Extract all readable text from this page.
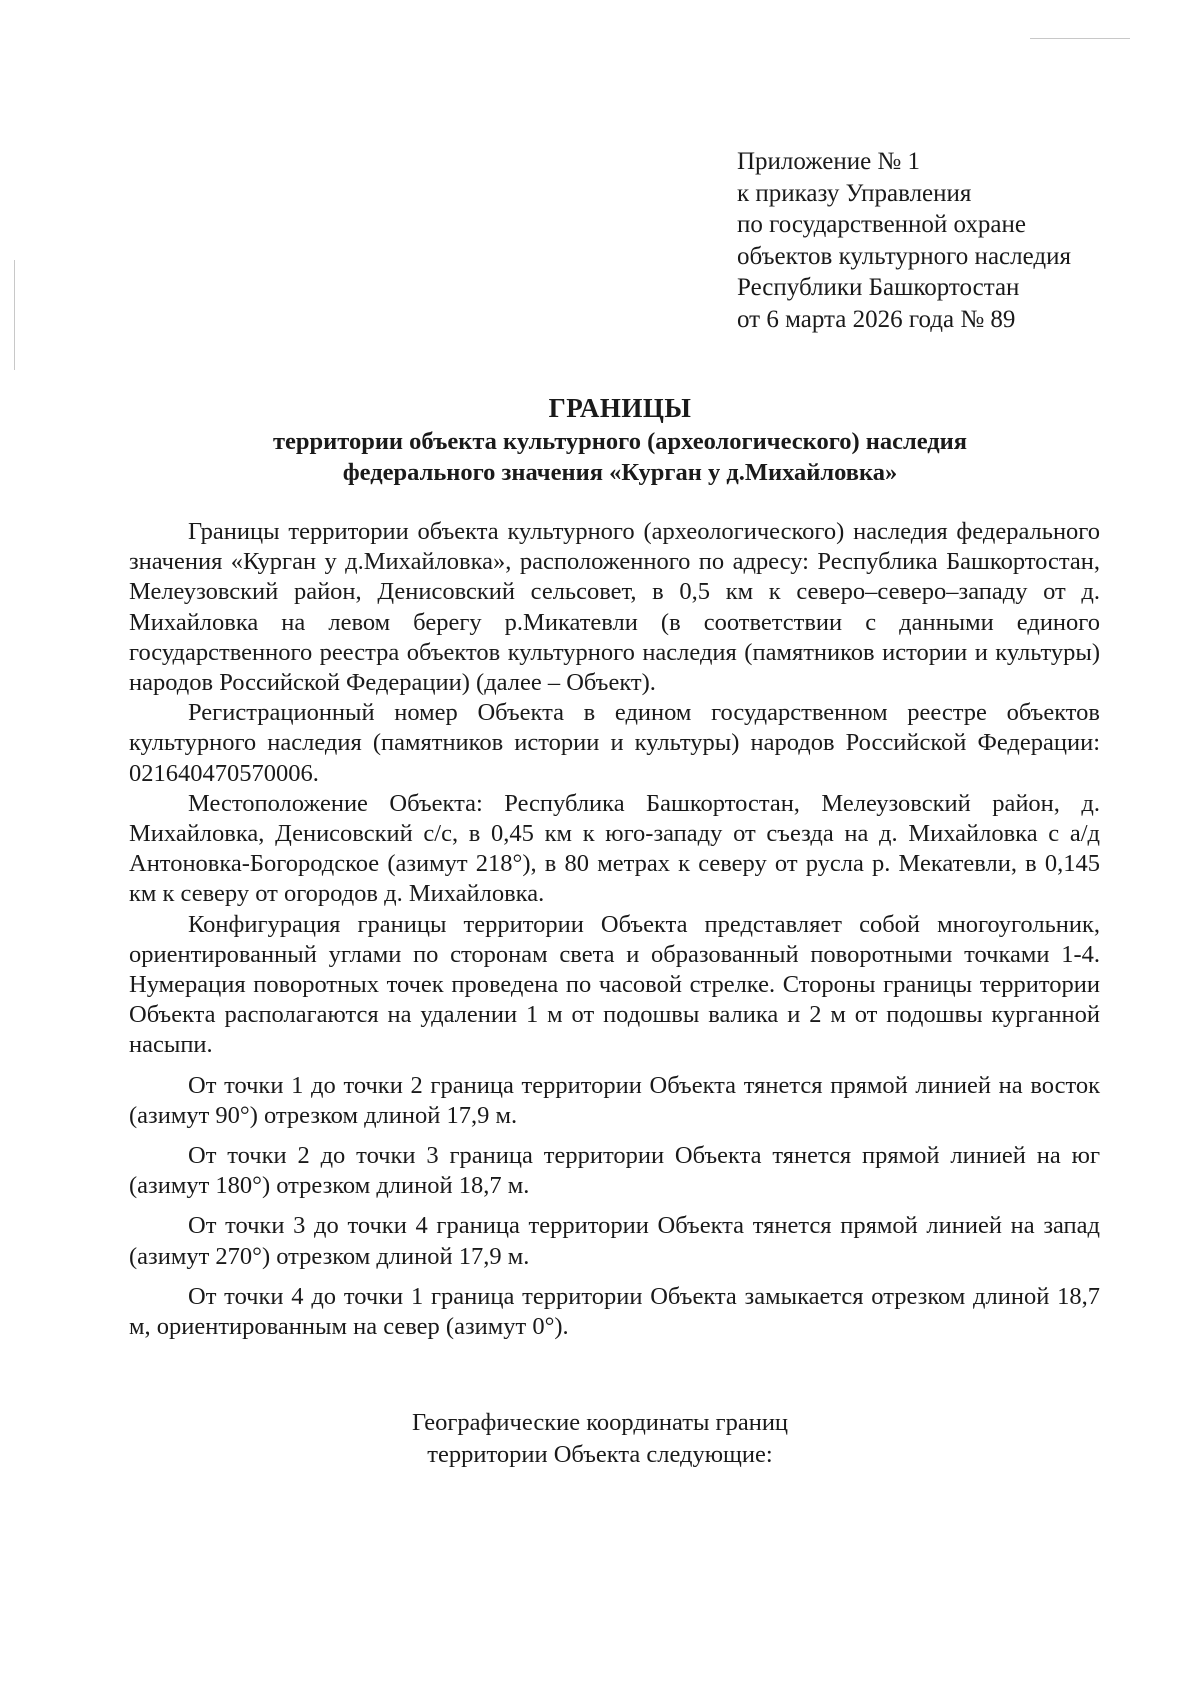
Приложение № 1
к приказу Управления
по государственной охране
объектов культурного наследия
Республики Башкортостан
от 6 марта 2026 года № 89
ГРАНИЦЫ
территории объекта культурного (археологического) наследия
федерального значения «Курган у д.Михайловка»

Границы территории объекта культурного (археологического) наследия федерального значения «Курган у д.Михайловка», расположенного по адресу: Республика Башкортостан, Мелеузовский район, Денисовский сельсовет, в 0,5 км к северо–северо–западу от д. Михайловка на левом берегу р.Микатевли (в соответствии с данными единого государственного реестра объектов культурного наследия (памятников истории и культуры) народов Российской Федерации) (далее – Объект).

Регистрационный номер Объекта в едином государственном реестре объектов культурного наследия (памятников истории и культуры) народов Российской Федерации: 021640470570006.

Местоположение Объекта: Республика Башкортостан, Мелеузовский район, д. Михайловка, Денисовский с/с, в 0,45 км к юго-западу от съезда на д. Михайловка с а/д Антоновка-Богородское (азимут 218°), в 80 метрах к северу от русла р. Мекатевли, в 0,145 км к северу от огородов д. Михайловка.

Конфигурация границы территории Объекта представляет собой многоугольник, ориентированный углами по сторонам света и образованный поворотными точками 1-4. Нумерация поворотных точек проведена по часовой стрелке. Стороны границы территории Объекта располагаются на удалении 1 м от подошвы валика и 2 м от подошвы курганной насыпи.

От точки 1 до точки 2 граница территории Объекта тянется прямой линией на восток (азимут 90°) отрезком длиной 17,9 м.

От точки 2 до точки 3 граница территории Объекта тянется прямой линией на юг (азимут 180°) отрезком длиной 18,7 м.

От точки 3 до точки 4 граница территории Объекта тянется прямой линией на запад (азимут 270°) отрезком длиной 17,9 м.

От точки 4 до точки 1 граница территории Объекта замыкается отрезком длиной 18,7 м, ориентированным на север (азимут 0°).

Географические координаты границ
территории Объекта следующие:
